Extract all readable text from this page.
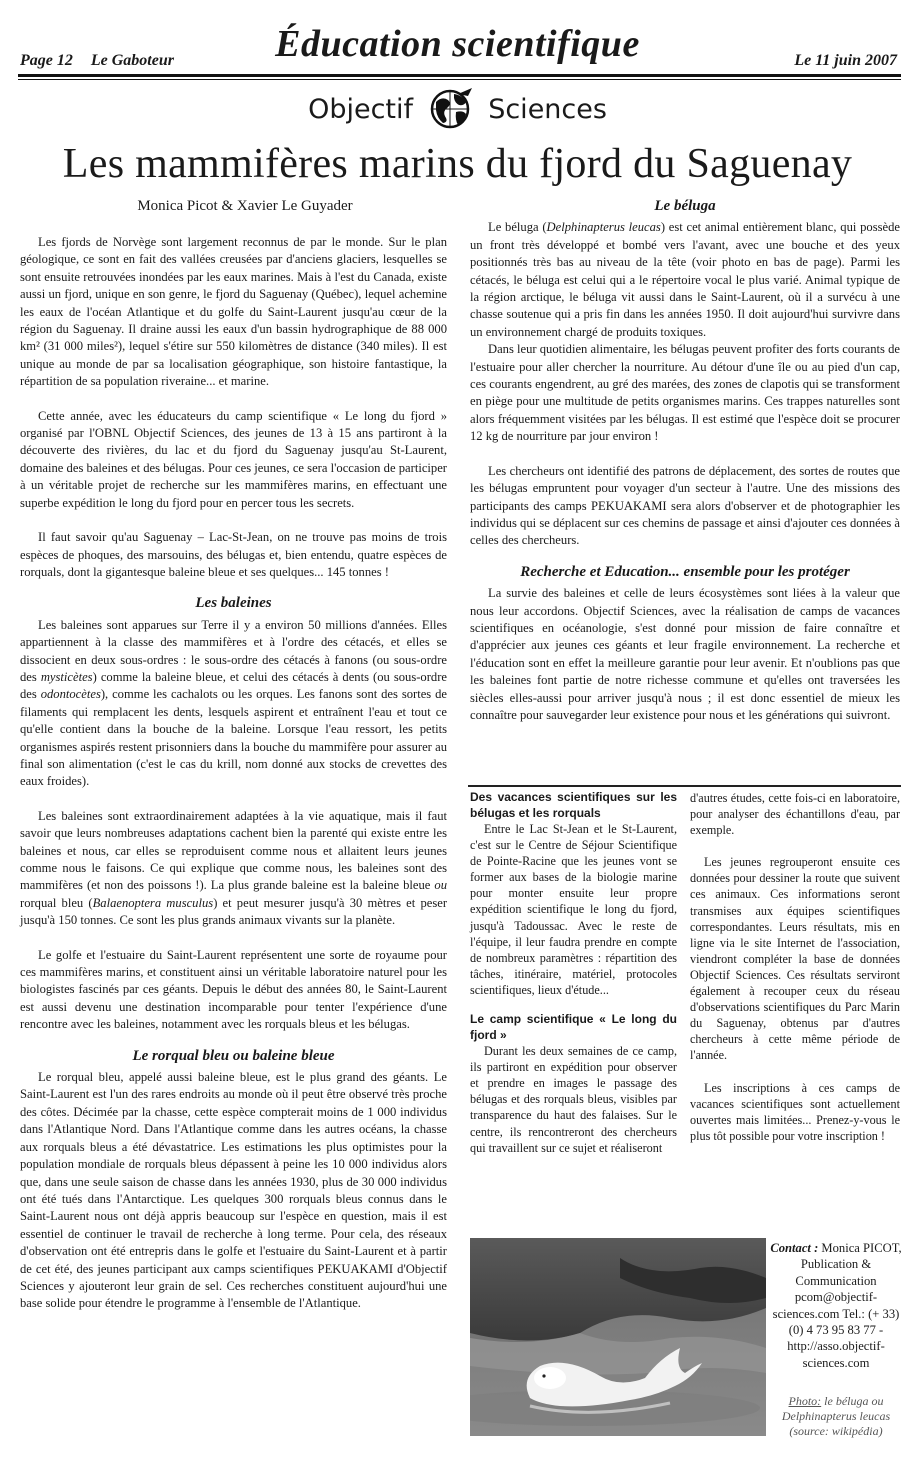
Page 12 Le Gaboteur	Éducation scientifique	Le 11 juin 2007
Objectif	Sciences
Les mammifères marins du fjord du Saguenay
Monica Picot & Xavier Le Guyader

Les fjords de Norvège sont largement reconnus de par le monde. Sur le plan géologique, ce sont en fait des vallées creusées par d'anciens glaciers, lesquelles se sont ensuite retrouvées inondées par les eaux marines. Mais à l'est du Canada, existe aussi un fjord, unique en son genre, le fjord du Saguenay (Québec), lequel achemine les eaux de l'océan Atlantique et du golfe du Saint-Laurent jusqu'au cœur de la région du Saguenay. Il draine aussi les eaux d'un bassin hydrographique de 88 000 km² (31 000 miles²), lequel s'étire sur 550 kilomètres de distance (340 miles). Il est unique au monde de par sa localisation géographique, son histoire fantastique, la répartition de sa population riveraine... et marine.

Cette année, avec les éducateurs du camp scientifique « Le long du fjord » organisé par l'OBNL Objectif Sciences, des jeunes de 13 à 15 ans partiront à la découverte des rivières, du lac et du fjord du Saguenay jusqu'au St-Laurent, domaine des baleines et des bélugas. Pour ces jeunes, ce sera l'occasion de participer à un véritable projet de recherche sur les mammifères marins, en effectuant une superbe expédition le long du fjord pour en percer tous les secrets.

Il faut savoir qu'au Saguenay – Lac-St-Jean, on ne trouve pas moins de trois espèces de phoques, des marsouins, des bélugas et, bien entendu, quatre espèces de rorquals, dont la gigantesque baleine bleue et ses quelques... 145 tonnes !

Les baleines

Les baleines sont apparues sur Terre il y a environ 50 millions d'années. Elles appartiennent à la classe des mammifères et à l'ordre des cétacés, et elles se dissocient en deux sous-ordres : le sous-ordre des cétacés à fanons (ou sous-ordre des mysticètes) comme la baleine bleue, et celui des cétacés à dents (ou sous-ordre des odontocètes), comme les cachalots ou les orques. Les fanons sont des sortes de filaments qui remplacent les dents, lesquels aspirent et entraînent l'eau et tout ce qu'elle contient dans la bouche de la baleine. Lorsque l'eau ressort, les petits organismes aspirés restent prisonniers dans la bouche du mammifère pour assurer au final son alimentation (c'est le cas du krill, nom donné aux stocks de crevettes des eaux froides).

Les baleines sont extraordinairement adaptées à la vie aquatique, mais il faut savoir que leurs nombreuses adaptations cachent bien la parenté qui existe entre les baleines et nous, car elles se reproduisent comme nous et allaitent leurs jeunes comme nous le faisons. Ce qui explique que comme nous, les baleines sont des mammifères (et non des poissons !). La plus grande baleine est la baleine bleue ou rorqual bleu (Balaenoptera musculus) et peut mesurer jusqu'à 30 mètres et peser jusqu'à 150 tonnes. Ce sont les plus grands animaux vivants sur la planète.

Le golfe et l'estuaire du Saint-Laurent représentent une sorte de royaume pour ces mammifères marins, et constituent ainsi un véritable laboratoire naturel pour les biologistes fascinés par ces géants. Depuis le début des années 80, le Saint-Laurent est aussi devenu une destination incomparable pour tenter l'expérience d'une rencontre avec les baleines, notamment avec les rorquals bleus et les bélugas.

Le rorqual bleu ou baleine bleue

Le rorqual bleu, appelé aussi baleine bleue, est le plus grand des géants. Le Saint-Laurent est l'un des rares endroits au monde où il peut être observé très proche des côtes. Décimée par la chasse, cette espèce compterait moins de 1 000 individus dans l'Atlantique Nord. Dans l'Atlantique comme dans les autres océans, la chasse aux rorquals bleus a été dévastatrice. Les estimations les plus optimistes pour la population mondiale de rorquals bleus dépassent à peine les 10 000 individus alors que, dans une seule saison de chasse dans les années 1930, plus de 30 000 individus ont été tués dans l'Antarctique. Les quelques 300 rorquals bleus connus dans le Saint-Laurent nous ont déjà appris beaucoup sur l'espèce en question, mais il est essentiel de continuer le travail de recherche à long terme. Pour cela, des réseaux d'observation ont été entrepris dans le golfe et l'estuaire du Saint-Laurent et à partir de cet été, des jeunes participant aux camps scientifiques PEKUAKAMI d'Objectif Sciences y ajouteront leur grain de sel. Ces recherches constituent aujourd'hui une base solide pour étendre le programme à l'ensemble de l'Atlantique.

Le béluga

Le béluga (Delphinapterus leucas) est cet animal entièrement blanc, qui possède un front très développé et bombé vers l'avant, avec une bouche et des yeux positionnés très bas au niveau de la tête (voir photo en bas de page). Parmi les cétacés, le béluga est celui qui a le répertoire vocal le plus varié. Animal typique de la région arctique, le béluga vit aussi dans le Saint-Laurent, où il a survécu à une chasse soutenue qui a pris fin dans les années 1950. Il doit aujourd'hui survivre dans un environnement chargé de produits toxiques.

Dans leur quotidien alimentaire, les bélugas peuvent profiter des forts courants de l'estuaire pour aller chercher la nourriture. Au détour d'une île ou au pied d'un cap, ces courants engendrent, au gré des marées, des zones de clapotis qui se transforment en piège pour une multitude de petits organismes marins. Ces trappes naturelles sont alors fréquemment visitées par les bélugas. Il est estimé que l'espèce doit se procurer 12 kg de nourriture par jour environ !

Les chercheurs ont identifié des patrons de déplacement, des sortes de routes que les bélugas empruntent pour voyager d'un secteur à l'autre. Une des missions des participants des camps PEKUAKAMI sera alors d'observer et de photographier les individus qui se déplacent sur ces chemins de passage et ainsi d'ajouter ces données à celles des chercheurs.

Recherche et Education... ensemble pour les protéger

La survie des baleines et celle de leurs écosystèmes sont liées à la valeur que nous leur accordons. Objectif Sciences, avec la réalisation de camps de vacances scientifiques en océanologie, s'est donné pour mission de faire connaître et d'apprécier aux jeunes ces géants et leur fragile environnement. La recherche et l'éducation sont en effet la meilleure garantie pour leur avenir. Et n'oublions pas que les baleines font partie de notre richesse commune et qu'elles ont traversées les siècles elles-aussi pour arriver jusqu'à nous ; il est donc essentiel de mieux les connaître pour sauvegarder leur existence pour nous et les générations qui suivront.

Des vacances scientifiques sur les bélugas et les rorquals

Entre le Lac St-Jean et le St-Laurent, c'est sur le Centre de Séjour Scientifique de Pointe-Racine que les jeunes vont se former aux bases de la biologie marine pour monter ensuite leur propre expédition scientifique le long du fjord, jusqu'à Tadoussac. Avec le reste de l'équipe, il leur faudra prendre en compte de nombreux paramètres : répartition des tâches, itinéraire, matériel, protocoles scientifiques, lieux d'étude...

Le camp scientifique « Le long du fjord »

Durant les deux semaines de ce camp, ils partiront en expédition pour observer et prendre en images le passage des bélugas et des rorquals bleus, visibles par transparence du haut des falaises. Sur le centre, ils rencontreront des chercheurs qui travaillent sur ce sujet et réaliseront

d'autres études, cette fois-ci en laboratoire, pour analyser des échantillons d'eau, par exemple.

Les jeunes regrouperont ensuite ces données pour dessiner la route que suivent ces animaux. Ces informations seront transmises aux équipes scientifiques correspondantes. Leurs résultats, mis en ligne via le site Internet de l'association, viendront compléter la base de données Objectif Sciences. Ces résultats serviront également à recouper ceux du réseau d'observations scientifiques du Parc Marin du Saguenay, obtenus par d'autres chercheurs à cette même période de l'année.

Les inscriptions à ces camps de vacances scientifiques sont actuellement ouvertes mais limitées... Prenez-y-vous le plus tôt possible pour votre inscription !

Contact : Monica PICOT, Publication & Communication pcom@objectif-sciences.com Tel.: (+ 33) (0) 4 73 95 83 77 - http://asso.objectif-sciences.com
Photo: le béluga ou Delphinapterus leucas (source: wikipédia)
